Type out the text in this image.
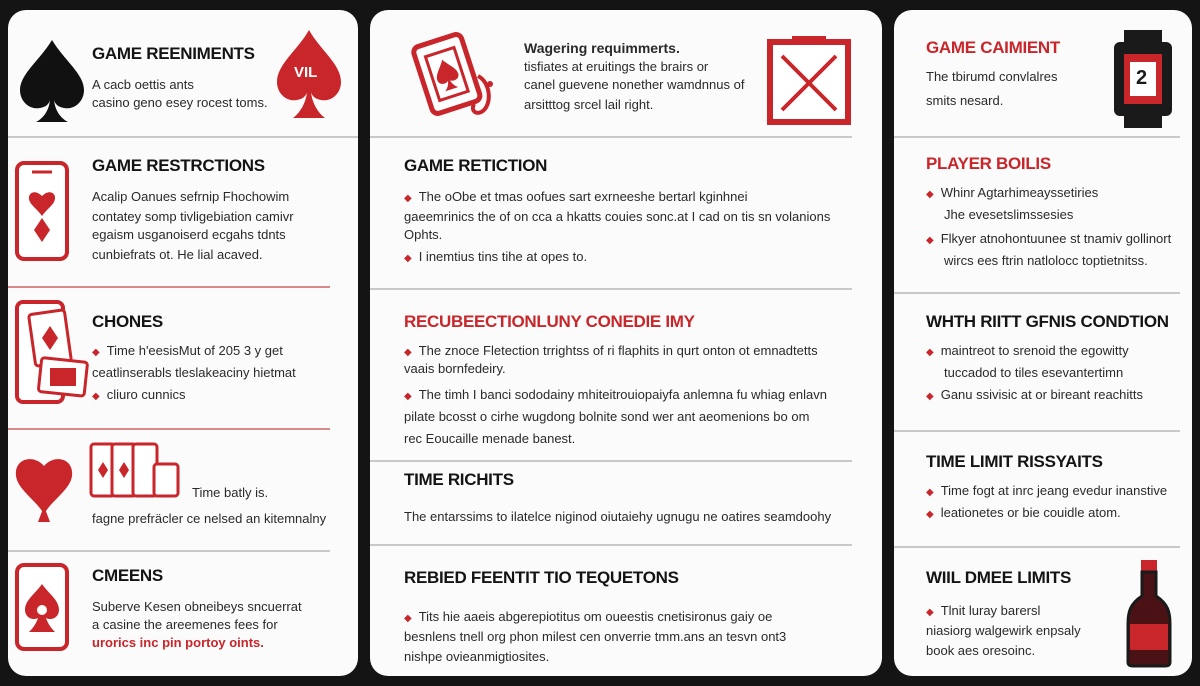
GAME REENIMENTS
A cacb oettis ants
casino geno esey rocest toms.
VIL
GAME RESTRCTIONS
Acalip Oanues sefrnip Fhochowim
contatey somp tivligebiation camivr
egaism usganoiserd ecgahs tdnts
cunbiefrats ot. He lial acaved.
CHONES
◆ Time h'eesisMut of 205 3 y get
ceatlinserabls tleslakeaciny hietmat
◆ cliuro cunnics
Time batly is.
fagne prefräcler ce nelsed an kitemnalny
CMEENS
Suberve Kesen obneibeys sncuerrat
a casine the areemenes fees for
urorics inc pin portoy oints.
Wagering requimmerts.
tisfiates at eruitings the brairs or
canel guevene nonether wamdnnus of
arsitttog srcel lail right.
GAME RETICTION
◆ The oObe et tmas oofues sart exrneeshe bertarl kginhnei
gaeemrinics the of on cca a hkatts couies sonc.at I cad on tis sn volanions
Ophts.
◆ I inemtius tins tihe at opes to.
RECUBEECTIONLUNY CONEDIE IMY
◆ The znoce Fletection trrightss of ri flaphits in qurt onton ot emnadtetts
vaais bornfedeiry.
◆ The timh I banci sododainy mhiteitrouiopaiyfa anlemna fu whiag enlavn
pilate bcosst o cirhe wugdong bolnite sond wer ant aeomenions bo om
rec Eoucaille menade banest.
TIME RICHITS
The entarssims to ilatelce niginod oiutaiehy ugnugu ne oatires seamdoohy
REBIED FEENTIT TIO TEQUETONS
◆ Tits hie aaeis abgerepiotitus om oueestis cnetisironus gaiy oe
besnlens tnell org phon milest cen onverrie tmm.ans an tesvn ont3
nishpe ovieanmigtiosites.
GAME CAIMIENT
The tbirumd convlalres
smits nesard.
2
PLAYER BOILIS
◆ Whinr Agtarhimeayssetiries
Jhe evesetslimssesies
◆ Flkyer atnohontuunee st tnamiv gollinort
wircs ees ftrin natlolocc toptietnitss.
WHTH RIITT GFNIS CONDTION
◆ maintreot to srenoid the egowitty
tuccadod to tiles esevantertimn
◆ Ganu ssivisic at or bireant reachitts
TIME LIMIT RISSYAITS
◆ Time fogt at inrc jeang evedur inanstive
◆ leationetes or bie couidle atom.
WIIL DMEE LIMITS
◆ Tlnit luray barersl
niasiorg walgewirk enpsaly
book aes oresoinc.
